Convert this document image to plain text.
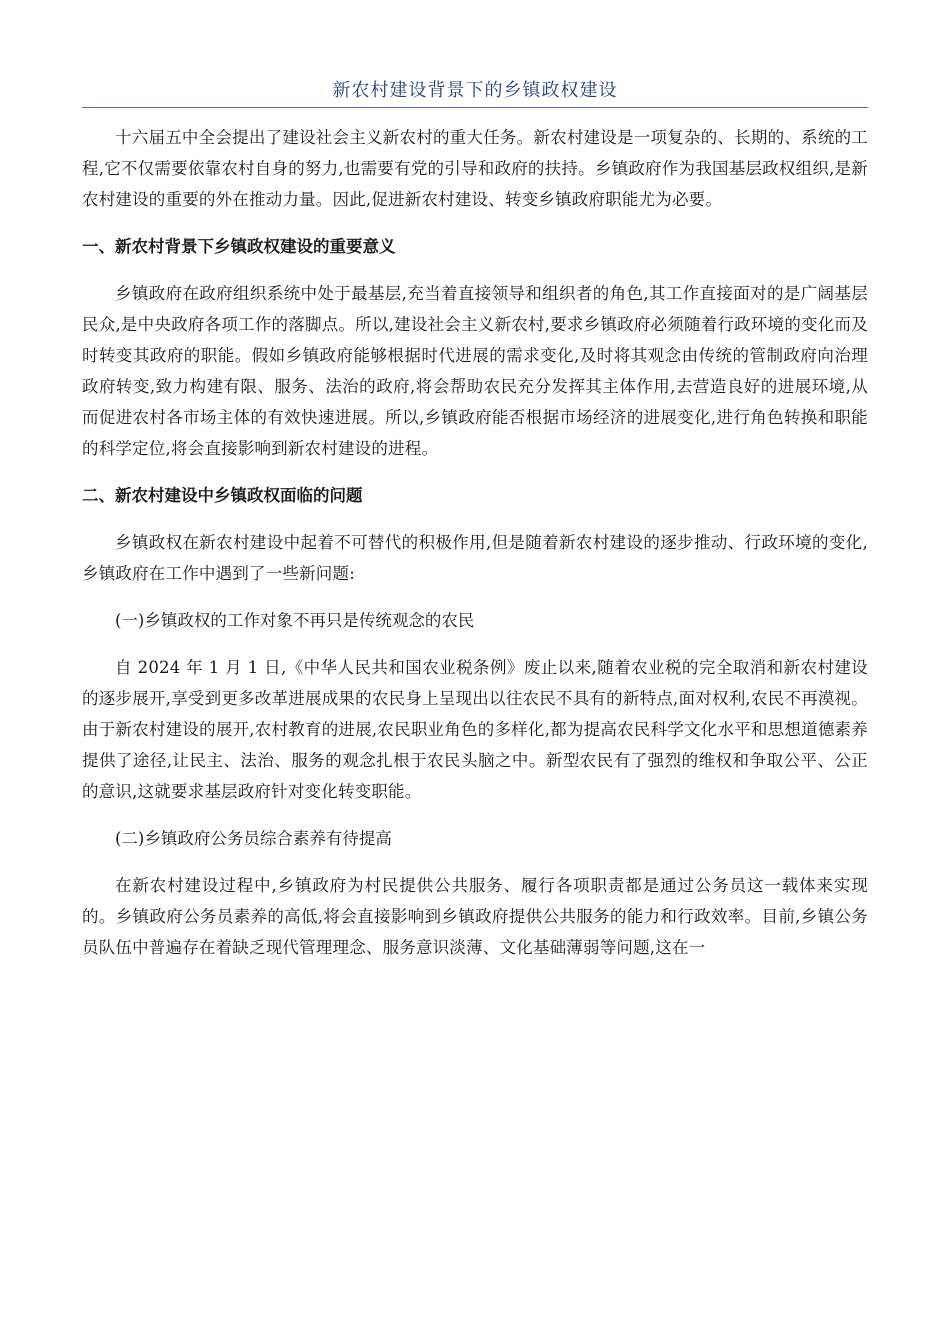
新农村建设背景下的乡镇政权建设

十六届五中全会提出了建设社会主义新农村的重大任务。新农村建设是一项复杂的、长期的、系统的工程,它不仅需要依靠农村自身的努力,也需要有党的引导和政府的扶持。乡镇政府作为我国基层政权组织,是新农村建设的重要的外在推动力量。因此,促进新农村建设、转变乡镇政府职能尤为必要。

一、新农村背景下乡镇政权建设的重要意义

乡镇政府在政府组织系统中处于最基层,充当着直接领导和组织者的角色,其工作直接面对的是广阔基层民众,是中央政府各项工作的落脚点。所以,建设社会主义新农村,要求乡镇政府必须随着行政环境的变化而及时转变其政府的职能。假如乡镇政府能够根据时代进展的需求变化,及时将其观念由传统的管制政府向治理政府转变,致力构建有限、服务、法治的政府,将会帮助农民充分发挥其主体作用,去营造良好的进展环境,从而促进农村各市场主体的有效快速进展。所以,乡镇政府能否根据市场经济的进展变化,进行角色转换和职能的科学定位,将会直接影响到新农村建设的进程。

二、新农村建设中乡镇政权面临的问题

乡镇政权在新农村建设中起着不可替代的积极作用,但是随着新农村建设的逐步推动、行政环境的变化,乡镇政府在工作中遇到了一些新问题:

(一)乡镇政权的工作对象不再只是传统观念的农民

自 2024 年 1 月 1 日,《中华人民共和国农业税条例》废止以来,随着农业税的完全取消和新农村建设的逐步展开,享受到更多改革进展成果的农民身上呈现出以往农民不具有的新特点,面对权利,农民不再漠视。由于新农村建设的展开,农村教育的进展,农民职业角色的多样化,都为提高农民科学文化水平和思想道德素养提供了途径,让民主、法治、服务的观念扎根于农民头脑之中。新型农民有了强烈的维权和争取公平、公正的意识,这就要求基层政府针对变化转变职能。

(二)乡镇政府公务员综合素养有待提高

在新农村建设过程中,乡镇政府为村民提供公共服务、履行各项职责都是通过公务员这一载体来实现的。乡镇政府公务员素养的高低,将会直接影响到乡镇政府提供公共服务的能力和行政效率。目前,乡镇公务员队伍中普遍存在着缺乏现代管理理念、服务意识淡薄、文化基础薄弱等问题,这在一
